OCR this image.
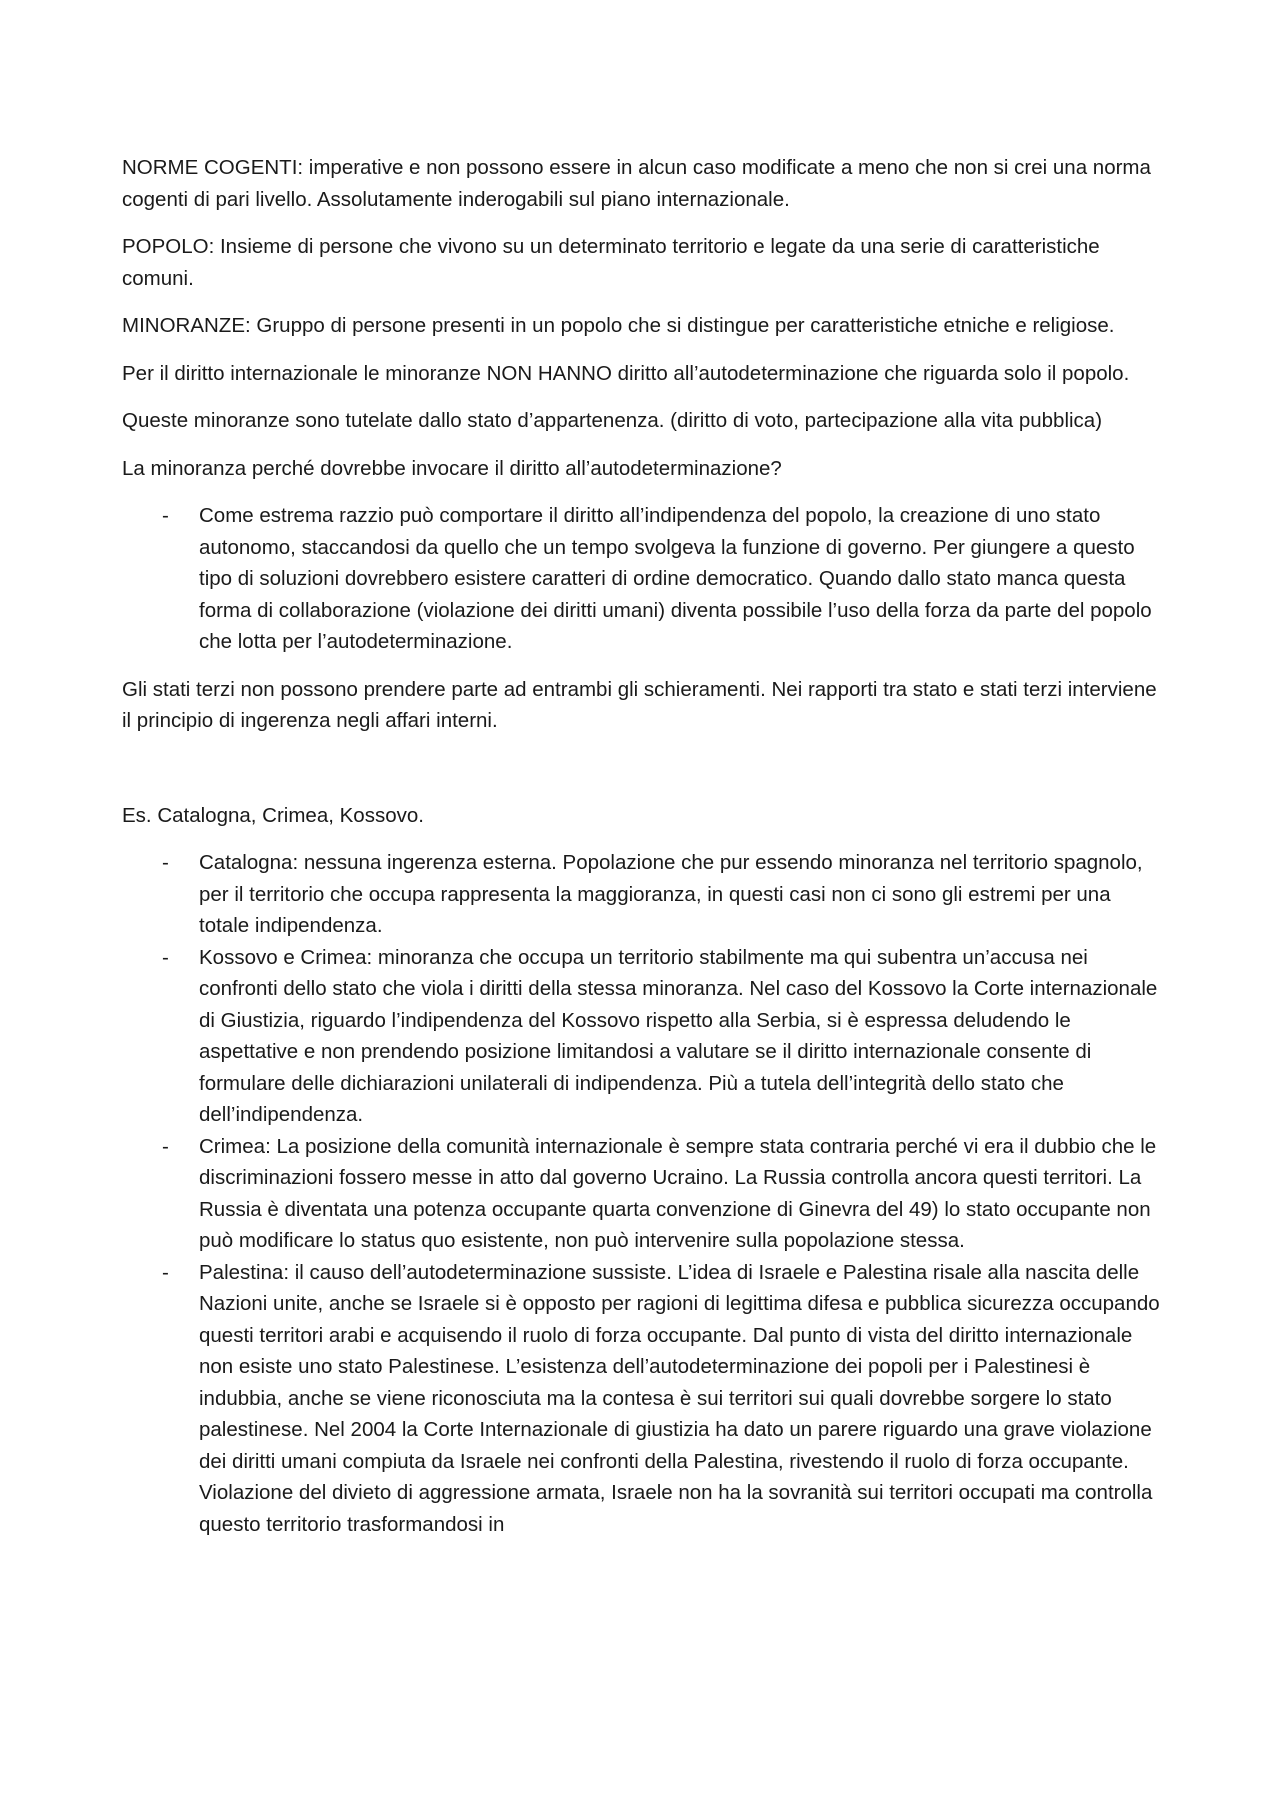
NORME COGENTI: imperative e non possono essere in alcun caso modificate a meno che non si crei una norma cogenti di pari livello. Assolutamente inderogabili sul piano internazionale.

POPOLO: Insieme di persone che vivono su un determinato territorio e legate da una serie di caratteristiche comuni.

MINORANZE: Gruppo di persone presenti in un popolo che si distingue per caratteristiche etniche e religiose.

Per il diritto internazionale le minoranze NON HANNO diritto all’autodeterminazione che riguarda solo il popolo.

Queste minoranze sono tutelate dallo stato d’appartenenza. (diritto di voto, partecipazione alla vita pubblica)

La minoranza perché dovrebbe invocare il diritto all’autodeterminazione?

- Come estrema razzio può comportare il diritto all’indipendenza del popolo, la creazione di uno stato autonomo, staccandosi da quello che un tempo svolgeva la funzione di governo. Per giungere a questo tipo di soluzioni dovrebbero esistere caratteri di ordine democratico. Quando dallo stato manca questa forma di collaborazione (violazione dei diritti umani) diventa possibile l’uso della forza da parte del popolo che lotta per l’autodeterminazione.

Gli stati terzi non possono prendere parte ad entrambi gli schieramenti. Nei rapporti tra stato e stati terzi interviene il principio di ingerenza negli affari interni.

Es. Catalogna, Crimea, Kossovo.

- Catalogna: nessuna ingerenza esterna. Popolazione che pur essendo minoranza nel territorio spagnolo, per il territorio che occupa rappresenta la maggioranza, in questi casi non ci sono gli estremi per una totale indipendenza.
- Kossovo e Crimea: minoranza che occupa un territorio stabilmente ma qui subentra un’accusa nei confronti dello stato che viola i diritti della stessa minoranza. Nel caso del Kossovo la Corte internazionale di Giustizia, riguardo l’indipendenza del Kossovo rispetto alla Serbia, si è espressa deludendo le aspettative e non prendendo posizione limitandosi a valutare se il diritto internazionale consente di formulare delle dichiarazioni unilaterali di indipendenza. Più a tutela dell’integrità dello stato che dell’indipendenza.
- Crimea: La posizione della comunità internazionale è sempre stata contraria perché vi era il dubbio che le discriminazioni fossero messe in atto dal governo Ucraino. La Russia controlla ancora questi territori. La Russia è diventata una potenza occupante quarta convenzione di Ginevra del 49) lo stato occupante non può modificare lo status quo esistente, non può intervenire sulla popolazione stessa.
- Palestina: il causo dell’autodeterminazione sussiste. L’idea di Israele e Palestina risale alla nascita delle Nazioni unite, anche se Israele si è opposto per ragioni di legittima difesa e pubblica sicurezza occupando questi territori arabi e acquisendo il ruolo di forza occupante. Dal punto di vista del diritto internazionale non esiste uno stato Palestinese. L’esistenza dell’autodeterminazione dei popoli per i Palestinesi è indubbia, anche se viene riconosciuta ma la contesa è sui territori sui quali dovrebbe sorgere lo stato palestinese. Nel 2004 la Corte Internazionale di giustizia ha dato un parere riguardo una grave violazione dei diritti umani compiuta da Israele nei confronti della Palestina, rivestendo il ruolo di forza occupante. Violazione del divieto di aggressione armata, Israele non ha la sovranità sui territori occupati ma controlla questo territorio trasformandosi in
